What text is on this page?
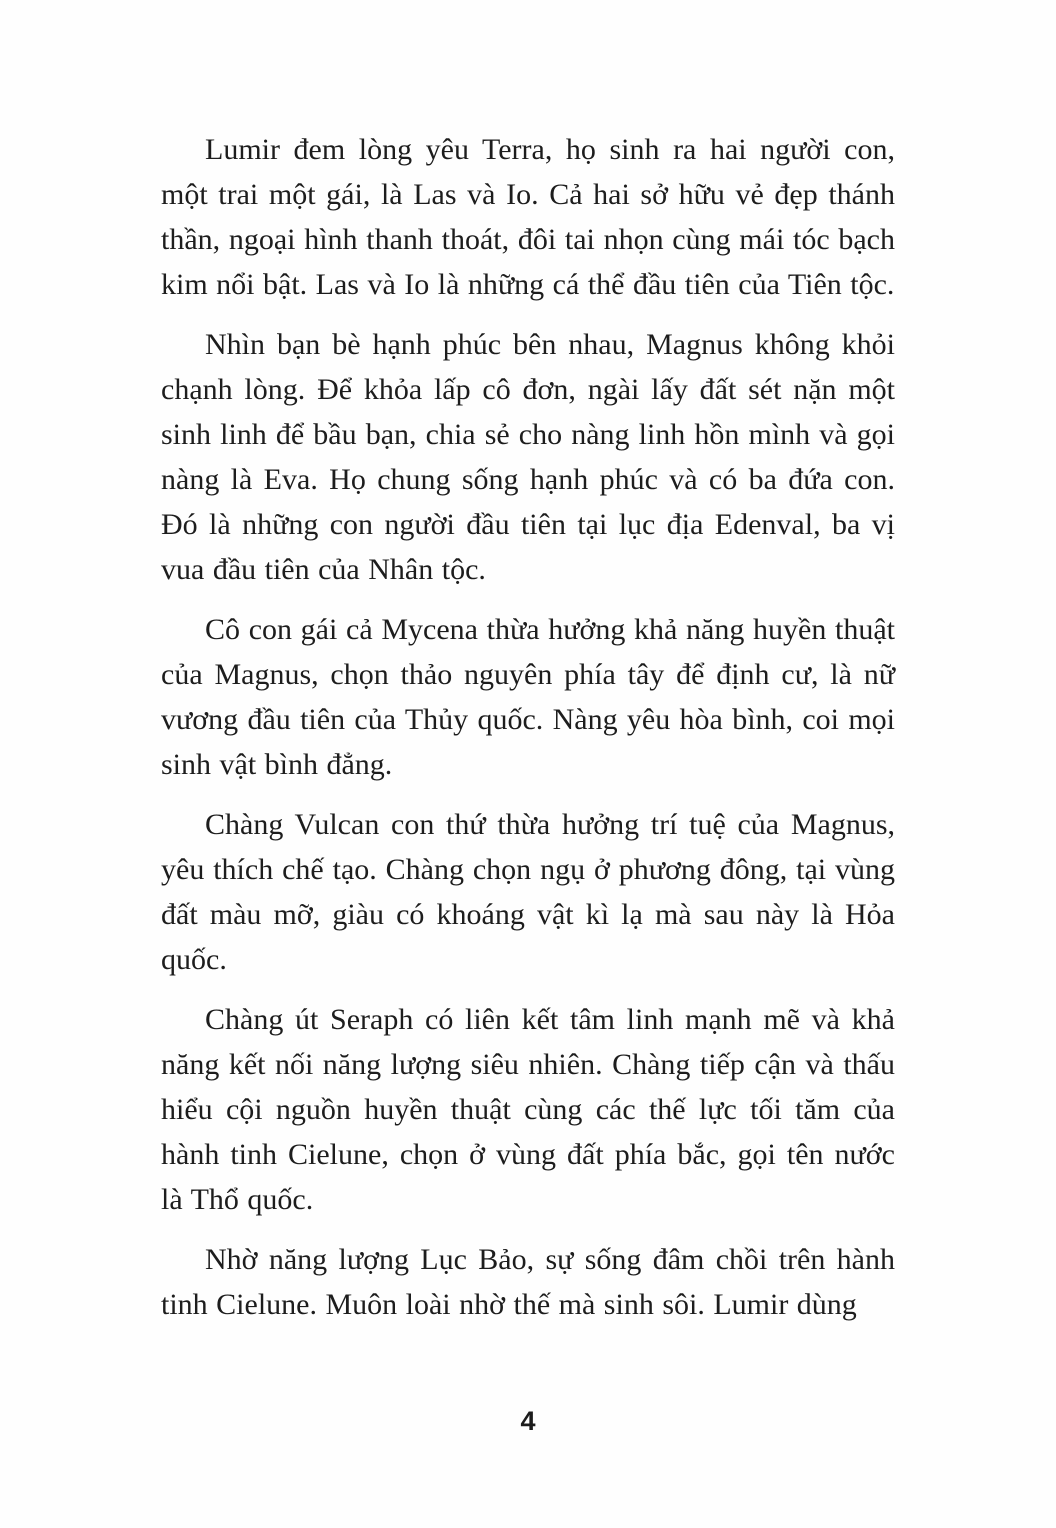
Lumir đem lòng yêu Terra, họ sinh ra hai người con, một trai một gái, là Las và Io. Cả hai sở hữu vẻ đẹp thánh thần, ngoại hình thanh thoát, đôi tai nhọn cùng mái tóc bạch kim nổi bật. Las và Io là những cá thể đầu tiên của Tiên tộc.

Nhìn bạn bè hạnh phúc bên nhau, Magnus không khỏi chạnh lòng. Để khỏa lấp cô đơn, ngài lấy đất sét nặn một sinh linh để bầu bạn, chia sẻ cho nàng linh hồn mình và gọi nàng là Eva. Họ chung sống hạnh phúc và có ba đứa con. Đó là những con người đầu tiên tại lục địa Edenval, ba vị vua đầu tiên của Nhân tộc.

Cô con gái cả Mycena thừa hưởng khả năng huyền thuật của Magnus, chọn thảo nguyên phía tây để định cư, là nữ vương đầu tiên của Thủy quốc. Nàng yêu hòa bình, coi mọi sinh vật bình đẳng.

Chàng Vulcan con thứ thừa hưởng trí tuệ của Magnus, yêu thích chế tạo. Chàng chọn ngụ ở phương đông, tại vùng đất màu mỡ, giàu có khoáng vật kì lạ mà sau này là Hỏa quốc.

Chàng út Seraph có liên kết tâm linh mạnh mẽ và khả năng kết nối năng lượng siêu nhiên. Chàng tiếp cận và thấu hiểu cội nguồn huyền thuật cùng các thế lực tối tăm của hành tinh Cielune, chọn ở vùng đất phía bắc, gọi tên nước là Thổ quốc.

Nhờ năng lượng Lục Bảo, sự sống đâm chồi trên hành tinh Cielune. Muôn loài nhờ thế mà sinh sôi. Lumir dùng

4
